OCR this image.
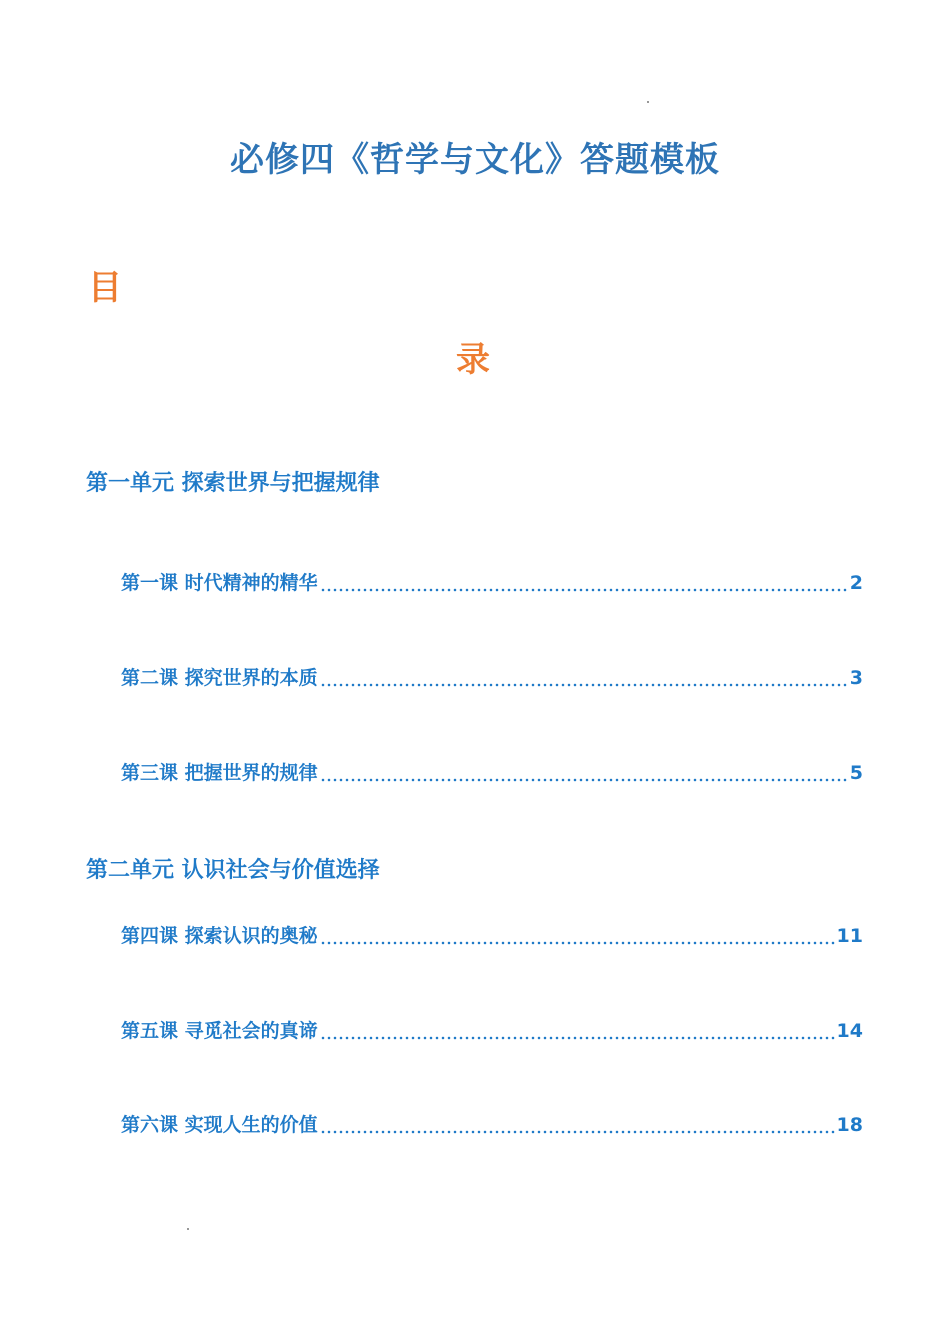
必修四《哲学与文化》答题模板
目
录
第一单元 探索世界与把握规律
第一课 时代精神的精华	2
第二课 探究世界的本质	3
第三课 把握世界的规律	5
第二单元 认识社会与价值选择
第四课 探索认识的奥秘	11
第五课 寻觅社会的真谛	14
第六课 实现人生的价值	18
